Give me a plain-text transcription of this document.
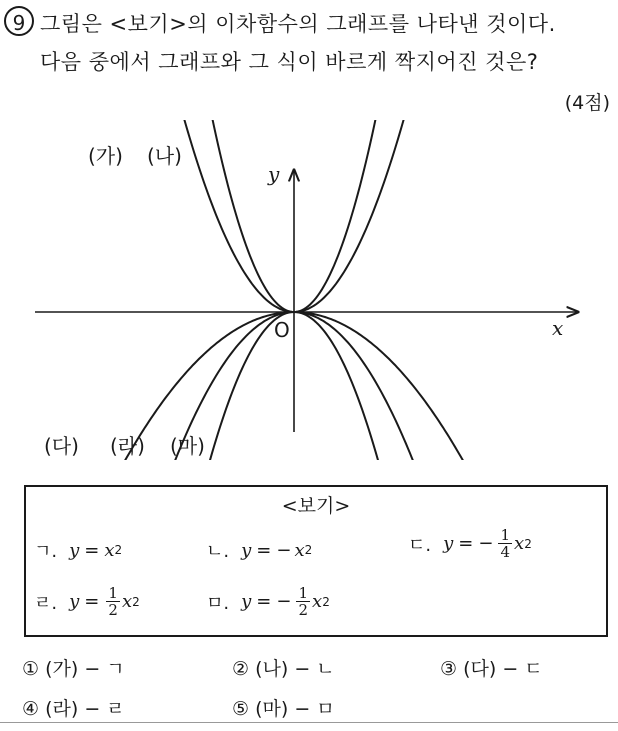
9 그림은 <보기>의 이차함수의 그래프를 나타낸 것이다.
다음 중에서 그래프와 그 식이 바르게 짝지어진 것은?
(4점)
(가) (나)
(다) (라) (마)
y
x
O
<보기>
ㄱ. y = x 2	ㄴ. y = − x 2	ㄷ. y = − $\frac{1}{4}$ x 2
ㄹ. $y = \frac{1}{2}$ x 2	ㅁ. y = − $\frac{1}{2}$ x 2
① (가) − ㄱ	② (나) − ㄴ	③ (다) − ㄷ
④ (라) − ㄹ	⑤ (마) − ㅁ
